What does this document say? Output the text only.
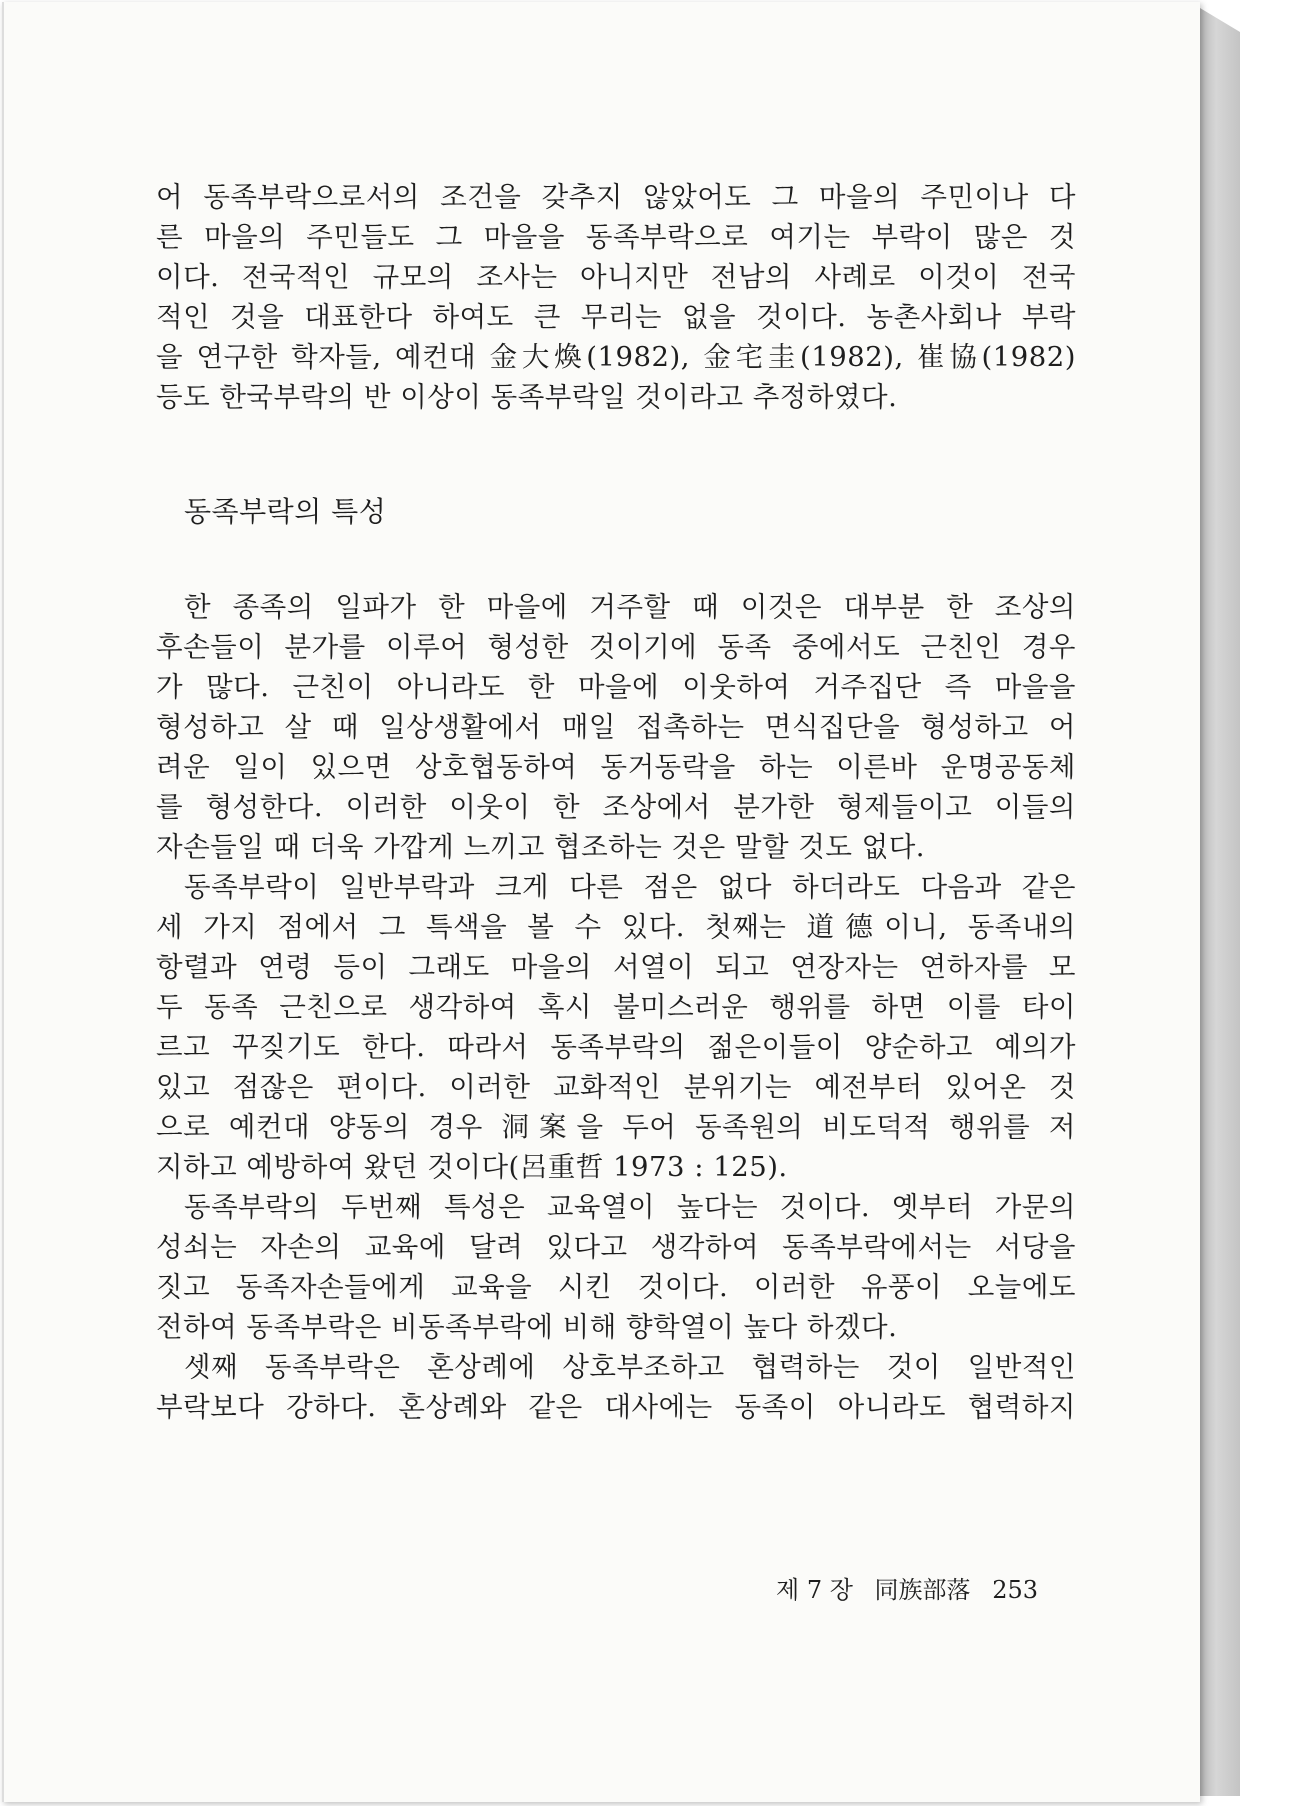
어 동족부락으로서의 조건을 갖추지 않았어도 그 마을의 주민이나 다
른 마을의 주민들도 그 마을을 동족부락으로 여기는 부락이 많은 것
이다. 전국적인 규모의 조사는 아니지만 전남의 사례로 이것이 전국
적인 것을 대표한다 하여도 큰 무리는 없을 것이다. 농촌사회나 부락
을 연구한 학자들, 예컨대 金大煥(1982), 金宅圭(1982), 崔協(1982)
등도 한국부락의 반 이상이 동족부락일 것이라고 추정하였다.
동족부락의 특성
한 종족의 일파가 한 마을에 거주할 때 이것은 대부분 한 조상의
후손들이 분가를 이루어 형성한 것이기에 동족 중에서도 근친인 경우
가 많다. 근친이 아니라도 한 마을에 이웃하여 거주집단 즉 마을을
형성하고 살 때 일상생활에서 매일 접촉하는 면식집단을 형성하고 어
려운 일이 있으면 상호협동하여 동거동락을 하는 이른바 운명공동체
를 형성한다. 이러한 이웃이 한 조상에서 분가한 형제들이고 이들의
자손들일 때 더욱 가깝게 느끼고 협조하는 것은 말할 것도 없다.
동족부락이 일반부락과 크게 다른 점은 없다 하더라도 다음과 같은
세 가지 점에서 그 특색을 볼 수 있다. 첫째는 道德이니, 동족내의
항렬과 연령 등이 그래도 마을의 서열이 되고 연장자는 연하자를 모
두 동족 근친으로 생각하여 혹시 불미스러운 행위를 하면 이를 타이
르고 꾸짖기도 한다. 따라서 동족부락의 젊은이들이 양순하고 예의가
있고 점잖은 편이다. 이러한 교화적인 분위기는 예전부터 있어온 것
으로 예컨대 양동의 경우 洞案을 두어 동족원의 비도덕적 행위를 저
지하고 예방하여 왔던 것이다(呂重哲 1973 : 125).
동족부락의 두번째 특성은 교육열이 높다는 것이다. 옛부터 가문의
성쇠는 자손의 교육에 달려 있다고 생각하여 동족부락에서는 서당을
짓고 동족자손들에게 교육을 시킨 것이다. 이러한 유풍이 오늘에도
전하여 동족부락은 비동족부락에 비해 향학열이 높다 하겠다.
셋째 동족부락은 혼상례에 상호부조하고 협력하는 것이 일반적인
부락보다 강하다. 혼상례와 같은 대사에는 동족이 아니라도 협력하지
제 7 장 同族部落 253
